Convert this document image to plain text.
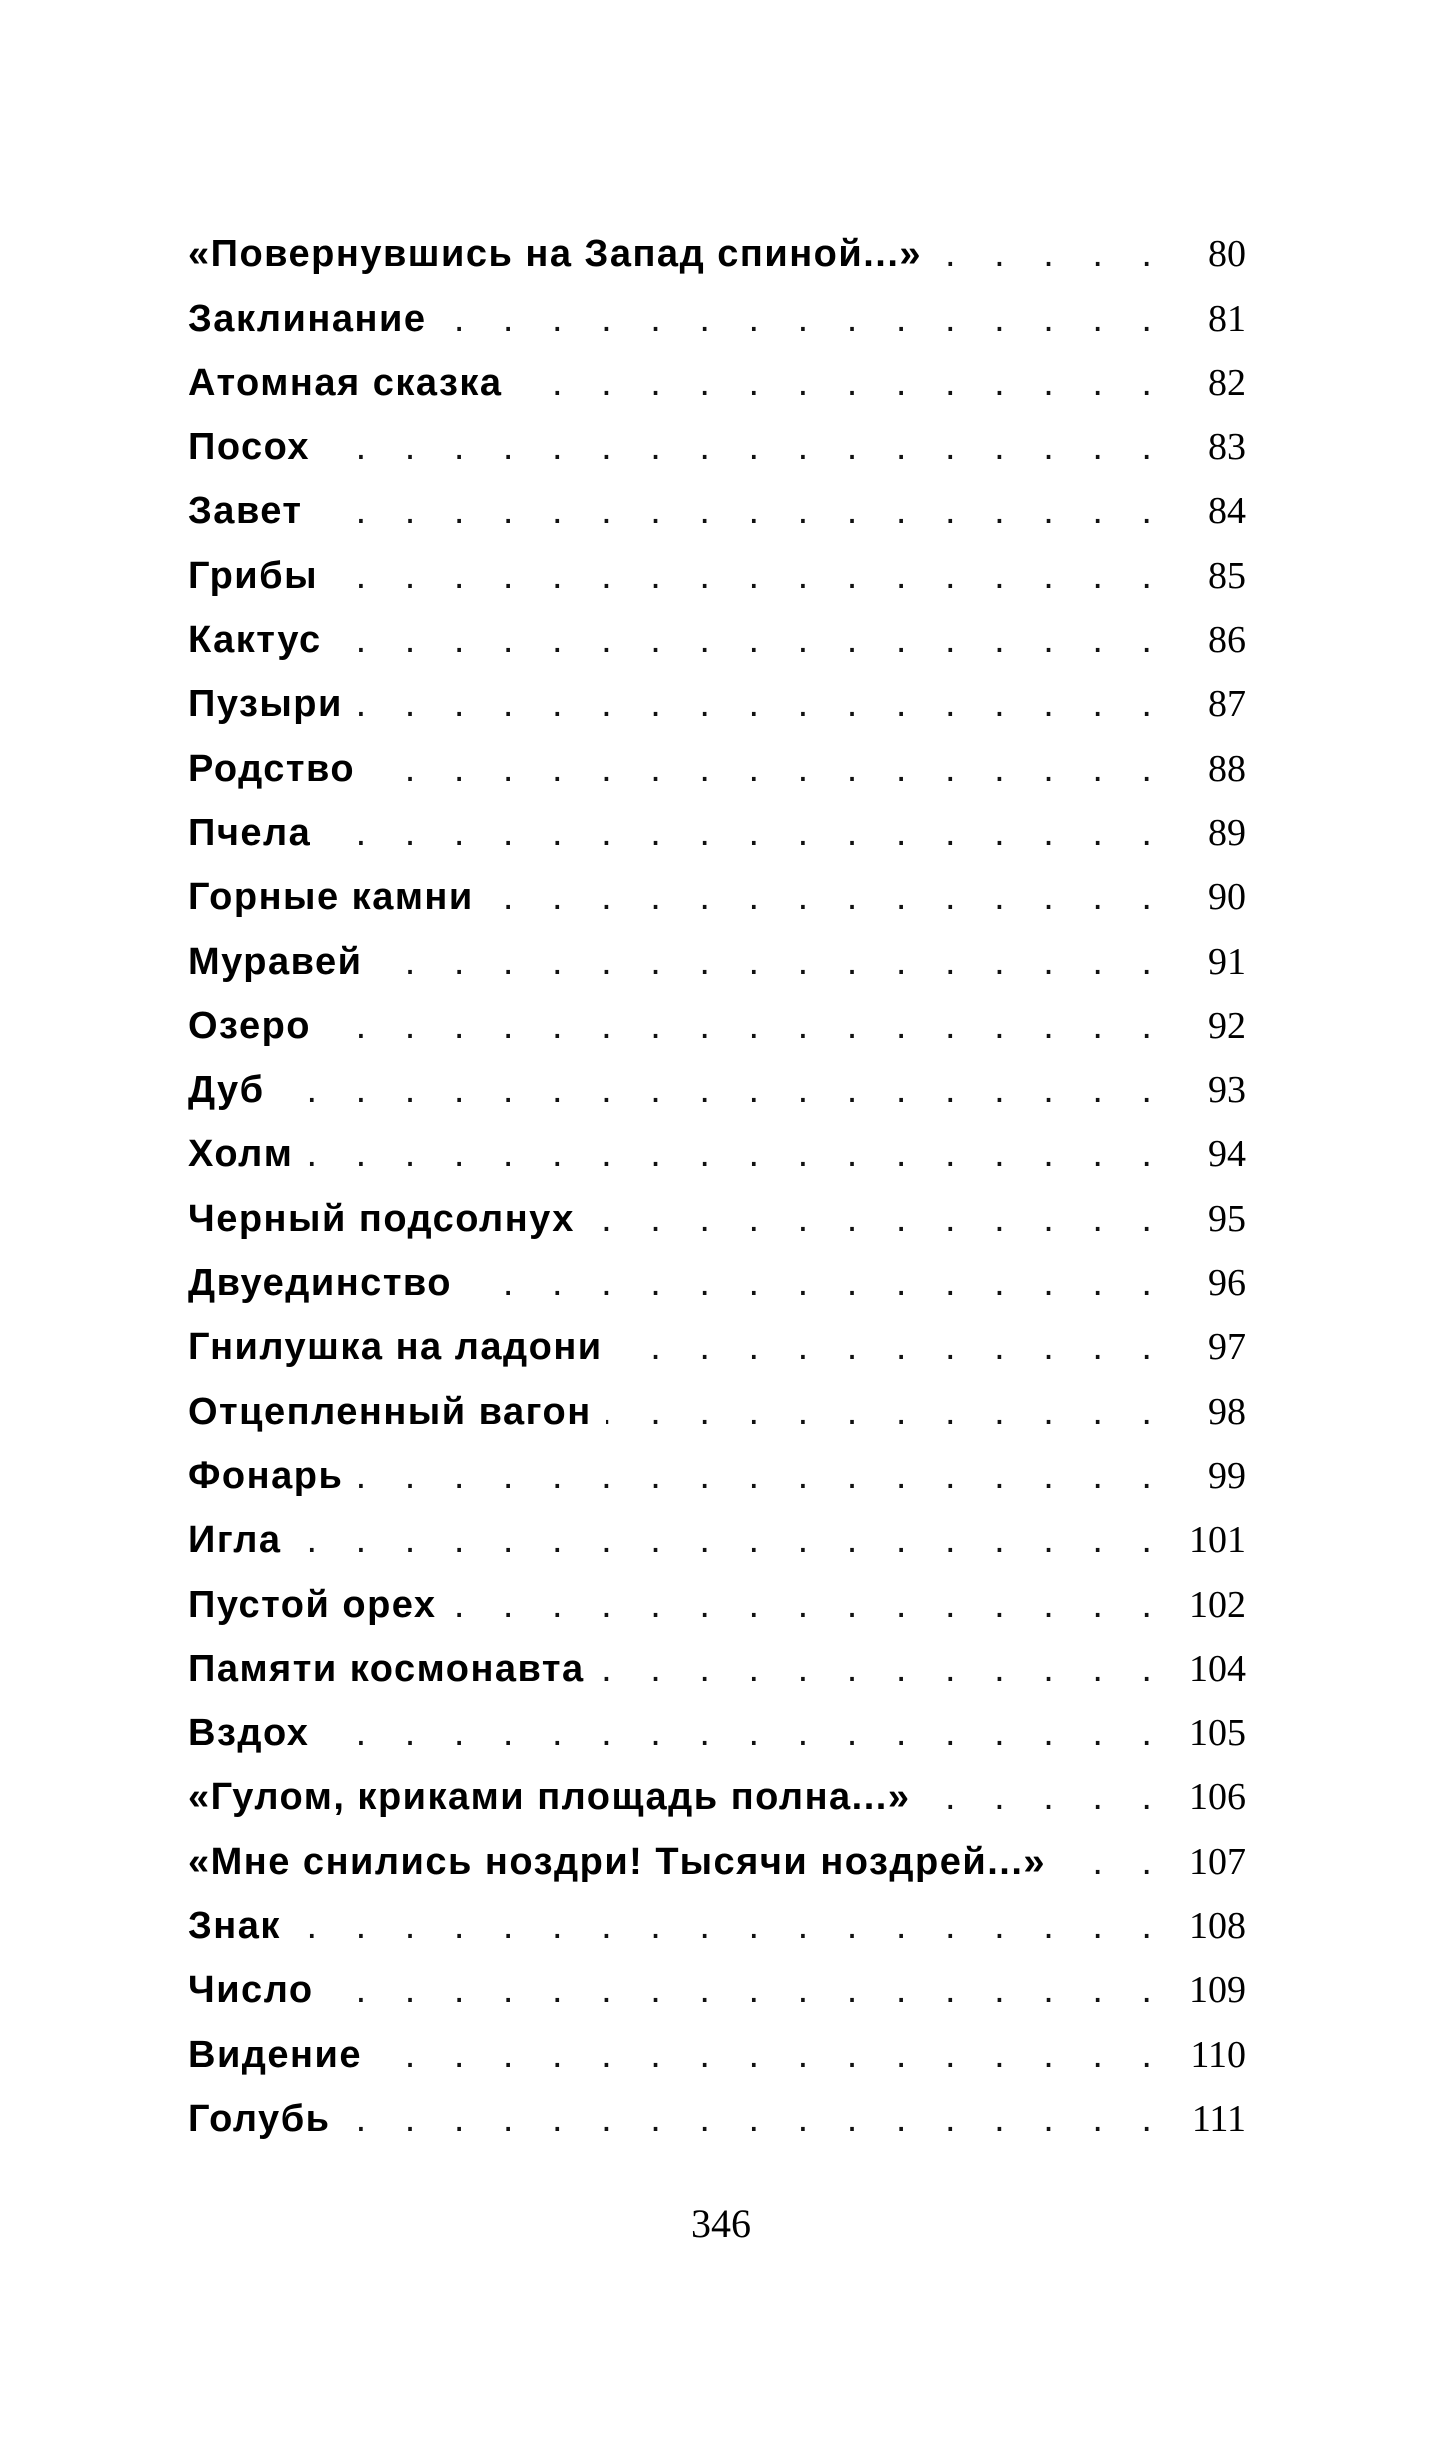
«Повернувшись на Запад спиной...» . . .	80
Заклинание . . .	81
Атомная сказка . . .	82
Посох . . .	83
Завет . . .	84
Грибы . . .	85
Кактус . . .	86
Пузыри . . .	87
Родство . . .	88
Пчела . . .	89
Горные камни . . .	90
Муравей . . .	91
Озеро . . .	92
Дуб . . .	93
Холм . . .	94
Черный подсолнух . . .	95
Двуединство . . .	96
Гнилушка на ладони . . .	97
Отцепленный вагон . . .	98
Фонарь . . .	99
Игла . . .	101
Пустой орех . . .	102
Памяти космонавта . . .	104
Вздох . . .	105
«Гулом, криками площадь полна...» . . .	106
«Мне снились ноздри! Тысячи ноздрей...» . . .	107
Знак . . .	108
Число . . .	109
Видение . . .	110
Голубь . . .	111
346
